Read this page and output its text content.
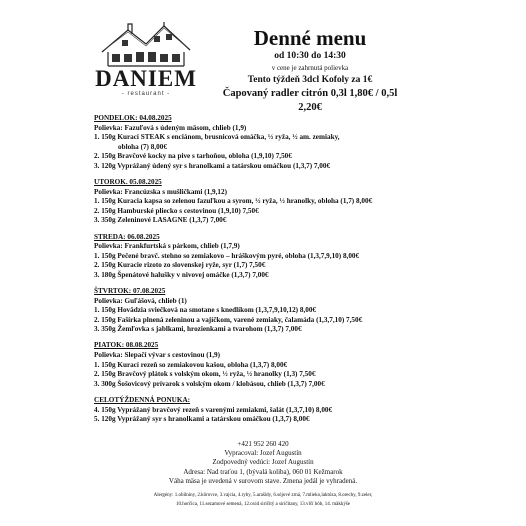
DANIEM
- restaurant -
Denné menu
od 10:30 do 14:30
v cene je zahrnutá polievka
Tento týždeň 3dcl Kofoly za 1€
Čapovaný radler citrón 0,3l 1,80€ / 0,5l 2,20€
PONDELOK: 04.08.2025
Polievka: Fazuľová s údeným mäsom, chlieb (1,9)
1. 150g Kurací STEAK s enciánom, brusnicová omáčka, ½ ryža, ½ am. zemiaky,
obloha (7) 8,00€
2. 150g Bravčové kocky na pive s tarhoňou, obloha (1,9,10) 7,50€
3. 120g Vyprážaný údený syr s hranolkami a tatárskou omáčkou (1,3,7) 7,00€
UTOROK. 05.08.2025
Polievka: Francúzska s mušličkami (1,9,12)
1. 150g Kuracia kapsa so zelenou fazuľkou a syrom, ½ ryža, ½ hranolky, obloha (1,7) 8,00€
2. 150g Hamburské pliecko s cestovinou (1,9,10) 7,50€
3. 350g Zeleninové LASAGNE (1,3,7) 7,00€
STREDA: 06.08.2025
Polievka: Frankfurtská s párkom, chlieb (1,7,9)
1. 150g Pečené bravč. stehno so zemiakovo – hráškovým pyré, obloha (1,3,7,9,10) 8,00€
2. 150g Kuracie rizoto zo slovenskej ryže, syr (1,7) 7,50€
3. 180g Špenátové halušky v nivovej omáčke (1,3,7) 7,00€
ŠTVRTOK: 07.08.2025
Polievka: Guľášová, chlieb (1)
1. 150g Hovädzia sviečková na smotane s knedlíkom (1,3,7,9,10,12) 8,00€
2. 150g Fašírka plnená zeleninou a vajíčkom, varené zemiaky, čalamáda (1,3,7,10) 7,50€
3. 350g Žemľovka s jablkami, hrozienkami a tvarohom (1,3,7) 7,00€
PIATOK: 08.08.2025
Polievka: Slepačí vývar s cestovinou (1,9)
1. 150g Kurací rezeň so zemiakovou kašou, obloha (1,3,7) 8,00€
2. 150g Bravčový plátok s volským okom, ½ ryža, ½ hranolky (1,3) 7,50€
3. 300g Šošovicový prívarok s volským okom / klobásou, chlieb (1,3,7) 7,00€
CELOTÝŽDENNÁ PONUKA:
4. 150g Vyprážaný bravčový rezeň s varenými zemiakmi, šalát (1,3,7,10) 8,00€
5. 120g Vyprážaný syr s hranolkami a tatárskou omáčkou (1,3,7) 8,00€
+421 952 260 420
Vypracoval: Jozef Augustín
Zodpovedný vedúci: Jozef Augustín
Adresa: Nad traťou 1, (bývalá koliba), 060 01 Kežmarok
Váha mäsa je uvedená v surovom stave. Zmena jedál je vyhradená.
Alergény: 1.obilniny, 2.kôrovce, 3.vajcia, 4.ryby, 5.arašidy, 6.sójové zrná, 7.mlieko,laktóza, 8.orechy, 9.zeler,
10.horčica, 11.sezamové semená, 12.oxid siričitý a siričitany, 13.vlčí bôb, 14. mäkkýše
